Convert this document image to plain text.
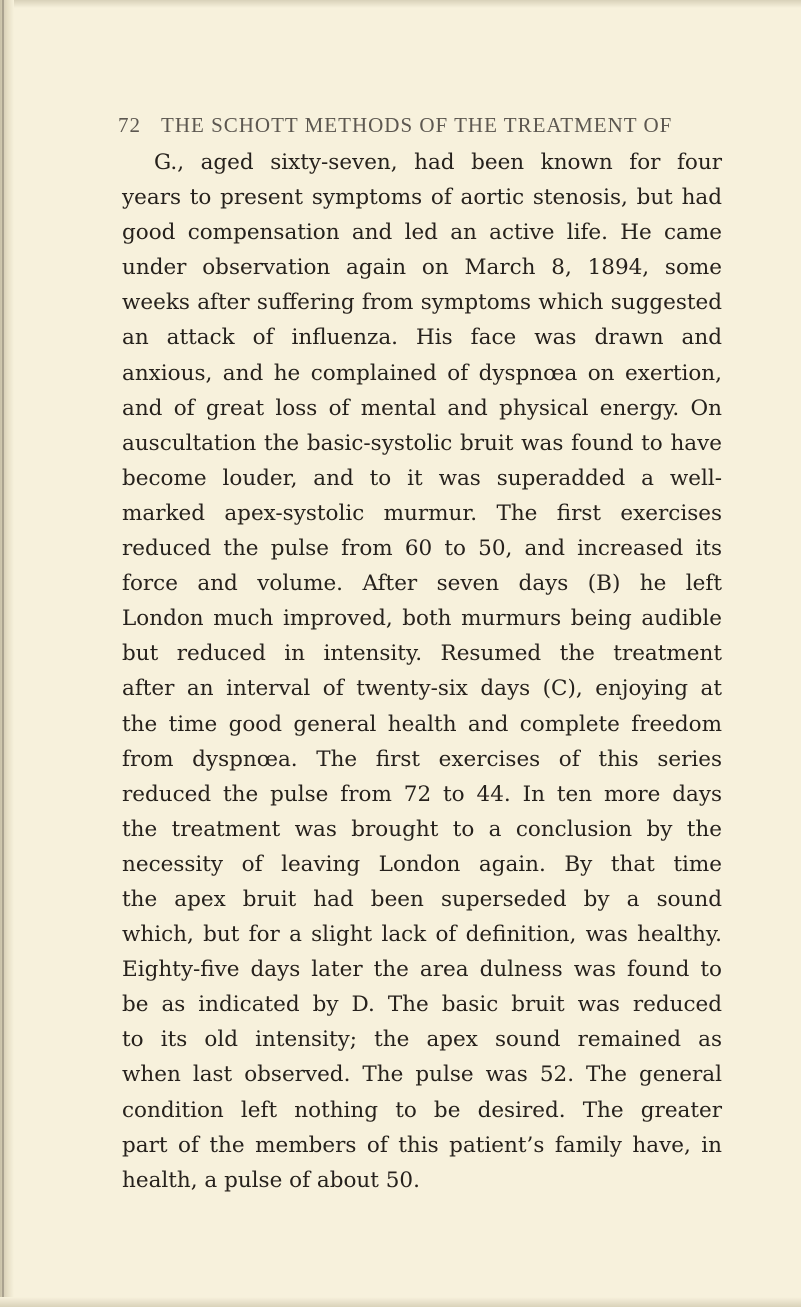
72 THE SCHOTT METHODS OF THE TREATMENT OF
G., aged sixty-seven, had been known for four
years to present symptoms of aortic stenosis, but had
good compensation and led an active life. He came
under observation again on March 8, 1894, some
weeks after suffering from symptoms which suggested
an attack of influenza. His face was drawn and
anxious, and he complained of dyspnœa on exertion,
and of great loss of mental and physical energy. On
auscultation the basic-systolic bruit was found to have
become louder, and to it was superadded a well-
marked apex-systolic murmur. The first exercises
reduced the pulse from 60 to 50, and increased its
force and volume. After seven days (B) he left
London much improved, both murmurs being audible
but reduced in intensity. Resumed the treatment
after an interval of twenty-six days (C), enjoying at
the time good general health and complete freedom
from dyspnœa. The first exercises of this series
reduced the pulse from 72 to 44. In ten more days
the treatment was brought to a conclusion by the
necessity of leaving London again. By that time
the apex bruit had been superseded by a sound
which, but for a slight lack of definition, was healthy.
Eighty-five days later the area dulness was found to
be as indicated by D. The basic bruit was reduced
to its old intensity; the apex sound remained as
when last observed. The pulse was 52. The general
condition left nothing to be desired. The greater
part of the members of this patient’s family have, in
health, a pulse of about 50.
